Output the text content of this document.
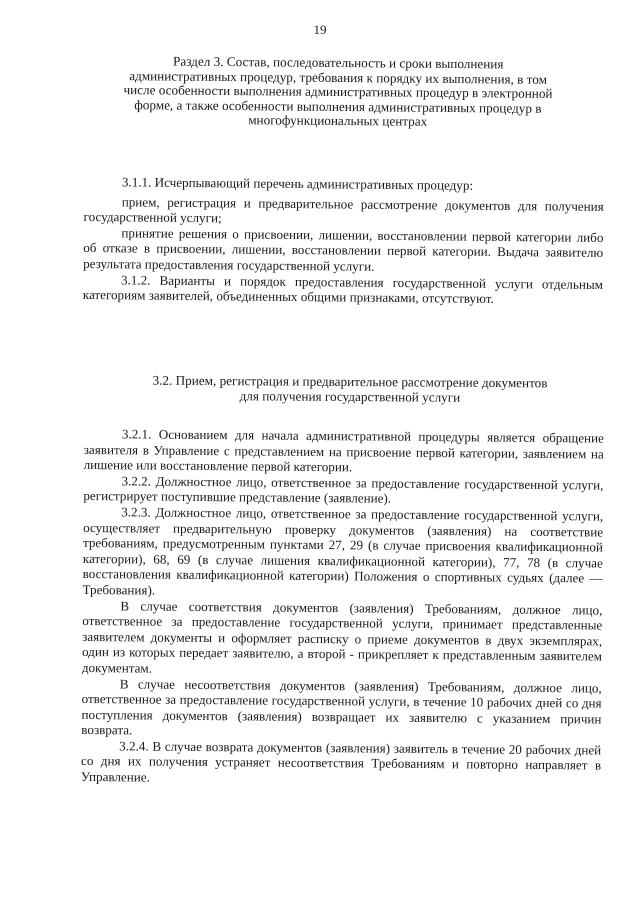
19
Раздел 3. Состав, последовательность и сроки выполнения
административных процедур, требования к порядку их выполнения, в том
числе особенности выполнения административных процедур в электронной
форме, а также особенности выполнения административных процедур в
многофункциональных центрах

3.1.1. Исчерпывающий перечень административных процедур:

прием, регистрация и предварительное рассмотрение документов для получения государственной услуги;

принятие решения о присвоении, лишении, восстановлении первой категории либо об отказе в присвоении, лишении, восстановлении первой категории. Выдача заявителю результата предоставления государственной услуги.

3.1.2. Варианты и порядок предоставления государственной услуги отдельным категориям заявителей, объединенных общими признаками, отсутствуют.

3.2. Прием, регистрация и предварительное рассмотрение документов
для получения государственной услуги

3.2.1. Основанием для начала административной процедуры является обращение заявителя в Управление с представлением на присвоение первой категории, заявлением на лишение или восстановление первой категории.

3.2.2. Должностное лицо, ответственное за предоставление государственной услуги, регистрирует поступившие представление (заявление).

3.2.3. Должностное лицо, ответственное за предоставление государственной услуги, осуществляет предварительную проверку документов (заявления) на соответствие требованиям, предусмотренным пунктами 27, 29 (в случае присвоения квалификационной категории), 68, 69 (в случае лишения квалификационной категории), 77, 78 (в случае восстановления квалификационной категории) Положения о спортивных судьях (далее — Требования).

В случае соответствия документов (заявления) Требованиям, должное лицо, ответственное за предоставление государственной услуги, принимает представленные заявителем документы и оформляет расписку о приеме документов в двух экземплярах, один из которых передает заявителю, а второй - прикрепляет к представленным заявителем документам.

В случае несоответствия документов (заявления) Требованиям, должное лицо, ответственное за предоставление государственной услуги, в течение 10 рабочих дней со дня поступления документов (заявления) возвращает их заявителю с указанием причин возврата.

3.2.4. В случае возврата документов (заявления) заявитель в течение 20 рабочих дней со дня их получения устраняет несоответствия Требованиям и повторно направляет в Управление.
